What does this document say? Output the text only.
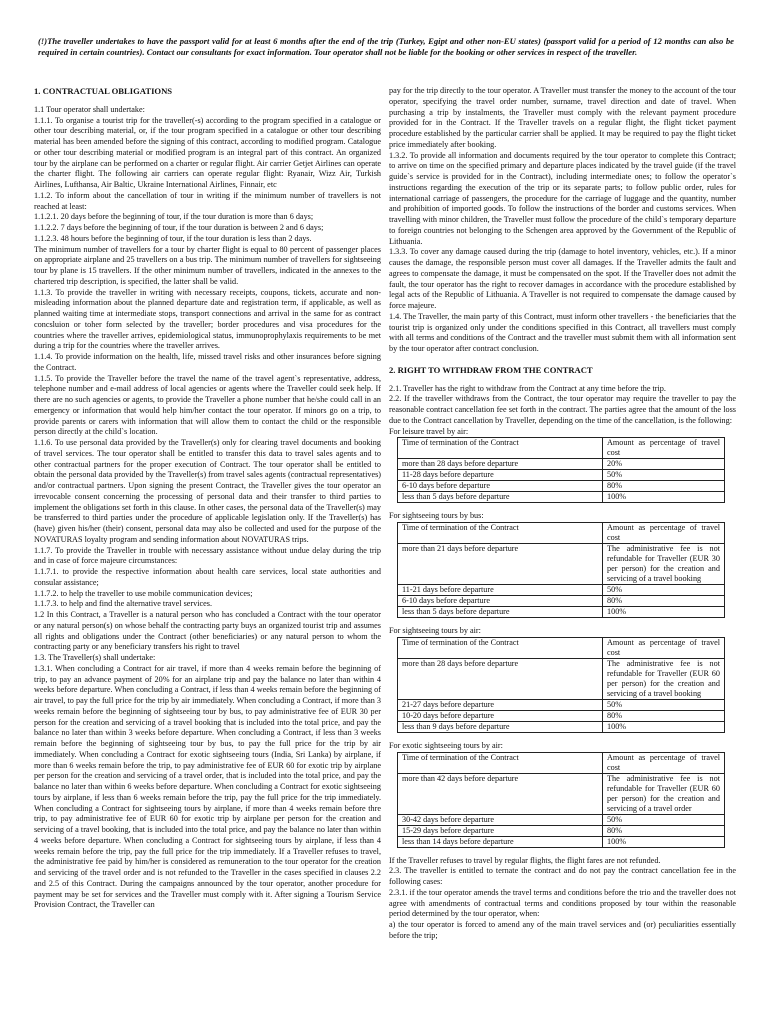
(!)The traveller undertakes to have the passport valid for at least 6 months after the end of the trip (Turkey, Egipt and other non-EU states) (passport valid for a period of 12 months can also be required in certain countries). Contact our consultants for exact information. Tour operator shall not be liable for the booking or other services in respect of the traveller.

1. CONTRACTUAL OBLIGATIONS

1.1 Tour operator shall undertake:

1.1.1. To organise a tourist trip for the traveller(-s) according to the program specified in a catalogue or other tour describing material, or, if the tour program specified in a catalogue or other tour describing material has been amended before the signing of this contract, according to modified program. Catalogue or other tour describing material or modified program is an integral part of this contract. An organized tour by the airplane can be performed on a charter or regular flight. Air carrier Getjet Airlines can operate the charter flight. The following air carriers can operate regular flight: Ryanair, Wizz Air, Turkish Airlines, Lufthansa, Air Baltic, Ukraine International Airlines, Finnair, etc

1.1.2. To inform about the cancellation of tour in writing if the minimum number of travellers is not reached at least:

1.1.2.1. 20 days before the beginning of tour, if the tour duration is more than 6 days;

1.1.2.2. 7 days before the beginning of tour, if the tour duration is between 2 and 6 days;

1.1.2.3. 48 hours before the beginning of tour, if the tour duration is less than 2 days.

The minimum number of travellers for a tour by charter flight is equal to 80 percent of passenger places on appropriate airplane and 25 travellers on a bus trip. The minimum number of travellers for sightseeing tour by plane is 15 travellers. If the other minimum number of travellers, indicated in the annexes to the chartered trip description, is specified, the latter shall be valid.

1.1.3. To provide the traveller in writing with necessary receipts, coupons, tickets, accurate and non-misleading information about the planned departure date and registration term, if applicable, as well as planned waiting time at intermediate stops, transport connections and arrival in the same for as contract concsluion or toher form selected by the traveller; border procedures and visa procedures for the countries where the traveller arrives, epidemiological status, immunoprophylaxis requirements to be met during a trip for the countries where the traveller arrives.

1.1.4. To provide information on the health, life, missed travel risks and other insurances before signing the Contract.

1.1.5. To provide the Traveller before the travel the name of the travel agent`s representative, address, telephone number and e-mail address of local agencies or agents where the Traveller could seek help. If there are no such agencies or agents, to provide the Traveller a phone number that he/she could call in an emergency or information that would help him/her contact the tour operator. If minors go on a trip, to provide parents or carers with information that will allow them to contact the child or the responsible person directly at the child`s location.

1.1.6. To use personal data provided by the Traveller(s) only for clearing travel documents and booking of travel services. The tour operator shall be entitled to transfer this data to travel sales agents and to other contractual partners for the proper execution of Contract. The tour operator shall be entitled to obtain the personal data provided by the Traveller(s) from travel sales agents (contractual representatives) and/or contractual partners. Upon signing the present Contract, the Traveller gives the tour operator an irrevocable consent concerning the processing of personal data and their transfer to third parties to implement the obligations set forth in this clause. In other cases, the personal data of the Traveller(s) may be transferred to third parties under the procedure of applicable legislation only. If the Traveller(s) has (have) given his/her (their) consent, personal data may also be collected and used for the purpose of the NOVATURAS loyalty program and sending information about NOVATURAS trips.

1.1.7. To provide the Traveller in trouble with necessary assistance without undue delay during the trip and in case of force majeure circumstances:

1.1.7.1. to provide the respective information about health care services, local state authorities and consular assistance;

1.1.7.2. to help the traveller to use mobile communication devices;

1.1.7.3. to help and find the alternative travel services.

1.2 In this Contract, a Traveller is a natural person who has concluded a Contract with the tour operator or any natural person(s) on whose behalf the contracting party buys an organized tourist trip and assumes all rights and obligations under the Contract (other beneficiaries) or any natural person to whom the contracting party or any beneficiary transfers his right to travel

1.3. The Traveller(s) shall undertake:

1.3.1. When concluding a Contract for air travel, if more than 4 weeks remain before the beginning of trip, to pay an advance payment of 20% for an airplane trip and pay the balance no later than within 4 weeks before departure. When concluding a Contract, if less than 4 weeks remain before the beginning of air travel, to pay the full price for the trip by air immediately. When concluding a Contract, if more than 3 weeks remain before the beginning of sightseeing tour by bus, to pay administrative fee of EUR 30 per person for the creation and servicing of a travel booking that is included into the total price, and pay the balance no later than within 3 weeks before departure. When concluding a Contract, if less than 3 weeks remain before the beginning of sightseeing tour by bus, to pay the full price for the trip by air immediately. When concluding a Contract for exotic sightseeing tours (India, Sri Lanka) by airplane, if more than 6 weeks remain before the trip, to pay administrative fee of EUR 60 for exotic trip by airplane per person for the creation and servicing of a travel order, that is included into the total price, and pay the balance no later than within 6 weeks before departure. When concluding a Contract for exotic sightseeing tours by airplane, if less than 6 weeks remain before the trip, pay the full price for the trip immediately. When concluding a Contract for sightseeing tours by airplane, if more than 4 weeks remain before thre trip, to pay administrative fee of EUR 60 for exotic trip by airplane per person for the creation and servicing of a travel booking, that is included into the total price, and pay the balance no later than within 4 weeks before departure. When concluding a Contract for sightseeing tours by airplane, if less than 4 weeks remain before the trip, pay the full price for the trip immediately. If a Traveller refuses to travel, the administrative fee paid by him/her is considered as remuneration to the tour operator for the creation and servicing of the travel order and is not refunded to the Traveller in the cases specified in clauses 2.2 and 2.5 of this Contract. During the campaigns announced by the tour operator, another procedure for payment may be set for services and the Traveller must comply with it. After signing a Tourism Service Provision Contract, the Traveller can

pay for the trip directly to the tour operator. A Traveller must transfer the money to the account of the tour operator, specifying the travel order number, surname, travel direction and date of travel. When purchasing a trip by instalments, the Traveller must comply with the relevant payment procedure provided for in the Contract. If the Traveller travels on a regular flight, the flight ticket payment procedure established by the particular carrier shall be applied. It may be required to pay the flight ticket price immediately after booking.

1.3.2. To provide all information and documents required by the tour operator to complete this Contract; to arrive on time on the specified primary and departure places indicated by the travel guide (if the travel guide`s service is provided for in the Contract), including intermediate ones; to follow the operator`s instructions regarding the execution of the trip or its separate parts; to follow public order, rules for international carriage of passengers, the procedure for the carriage of luggage and the quantity, number and prohibition of imported goods. To follow the instructions of the border and customs services. When travelling with minor children, the Traveller must follow the procedure of the child`s temporary departure to foreign countries not belonging to the Schengen area approved by the Government of the Republic of Lithuania.

1.3.3. To cover any damage caused during the trip (damage to hotel inventory, vehicles, etc.). If a minor causes the damage, the responsible person must cover all damages. If the Traveller admits the fault and agrees to compensate the damage, it must be compensated on the spot. If the Traveller does not admit the fault, the tour operator has the right to recover damages in accordance with the procedure established by legal acts of the Republic of Lithuania. A Traveller is not required to compensate the damage caused by force majeure.

1.4. The Traveller, the main party of this Contract, must inform other travellers - the beneficiaries that the tourist trip is organized only under the conditions specified in this Contract, all travellers must comply with all terms and conditions of the Contract and the traveller must submit them with all information sent by the tour operator after contract conclusion.

2. RIGHT TO WITHDRAW FROM THE CONTRACT

2.1. Traveller has the right to withdraw from the Contract at any time before the trip.

2.2. If the traveller withdraws from the Contract, the tour operator may require the traveller to pay the reasonable contract cancellation fee set forth in the contract. The parties agree that the amount of the loss due to the Contract cancellation by Traveller, depending on the time of the cancellation, is the following:

For leisure travel by air:

Time of termination of the Contract	Amount as percentage of travel cost
more than 28 days before departure	20%
11-28 days before departure	50%
6-10 days before departure	80%
less than 5 days before departure	100%

For sightseeing tours by bus:

Time of termination of the Contract	Amount as percentage of travel cost
more than 21 days before departure	The administrative fee is not refundable for Traveller (EUR 30 per person) for the creation and servicing of a travel booking
11-21 days before departure	50%
6-10 days before departure	80%
less than 5 days before departure	100%

For sightseeing tours by air:

Time of termination of the Contract	Amount as percentage of travel cost
more than 28 days before departure	The administrative fee is not refundable for Traveller (EUR 60 per person) for the creation and servicing of a travel booking
21-27 days before departure	50%
10-20 days before departure	80%
less than 9 days before departure	100%

For exotic sightseeing tours by air:

Time of termination of the Contract	Amount as percentage of travel cost
more than 42 days before departure	The administrative fee is not refundable for Traveller (EUR 60 per person) for the creation and servicing of a travel order
30-42 days before departure	50%
15-29 days before departure	80%
less than 14 days before departure	100%

If the Traveller refuses to travel by regular flights, the flight fares are not refunded.

2.3. The traveller is entitled to ternate the contract and do not pay the contract cancellation fee in the following cases:

2.3.1. if the tour operator amends the travel terms and conditions before the trio and the traveller does not agree with amendments of contractual terms and conditions proposed by tour within the reasonable period determined by the tour operator, when:

a) the tour operator is forced to amend any of the main travel services and (or) peculiarities essentially before the trip;
